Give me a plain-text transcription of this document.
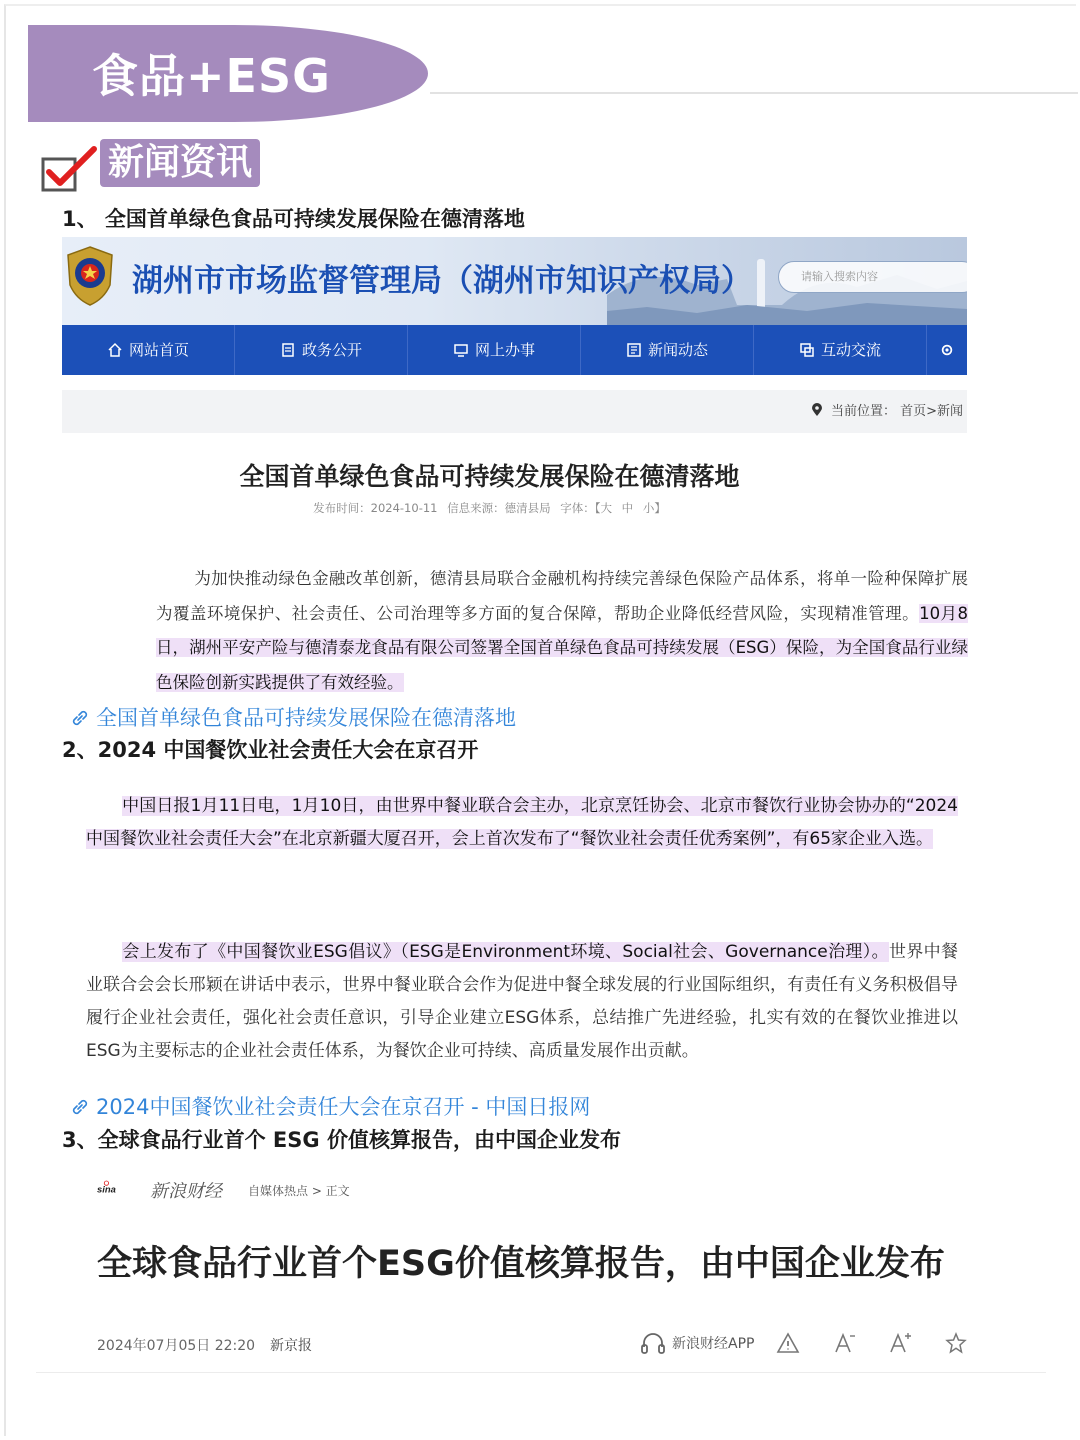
食品+ESG
新闻资讯
1、 全国首单绿色食品可持续发展保险在德清落地
湖州市市场监督管理局（湖州市知识产权局）	请输入搜索内容
网站首页	政务公开	网上办事	新闻动态	互动交流
当前位置： 首页>新闻
全国首单绿色食品可持续发展保险在德清落地
发布时间：2024-10-11 信息来源：德清县局 字体：【大 中 小】
为加快推动绿色金融改革创新，德清县局联合金融机构持续完善绿色保险产品体系，将单一险种保障扩展为覆盖环境保护、社会责任、公司治理等多方面的复合保障，帮助企业降低经营风险，实现精准管理。10月8日，湖州平安产险与德清泰龙食品有限公司签署全国首单绿色食品可持续发展（ESG）保险，为全国食品行业绿色保险创新实践提供了有效经验。
全国首单绿色食品可持续发展保险在德清落地
2、2024 中国餐饮业社会责任大会在京召开
中国日报1月11日电，1月10日，由世界中餐业联合会主办，北京烹饪协会、北京市餐饮行业协会协办的“2024中国餐饮业社会责任大会”在北京新疆大厦召开，会上首次发布了“餐饮业社会责任优秀案例”，有65家企业入选。
会上发布了《中国餐饮业ESG倡议》（ESG是Environment环境、Social社会、Governance治理）。世界中餐业联合会会长邢颖在讲话中表示，世界中餐业联合会作为促进中餐全球发展的行业国际组织，有责任有义务积极倡导履行企业社会责任，强化社会责任意识，引导企业建立ESG体系，总结推广先进经验，扎实有效的在餐饮业推进以ESG为主要标志的企业社会责任体系，为餐饮企业可持续、高质量发展作出贡献。
2024中国餐饮业社会责任大会在京召开 - 中国日报网
3、全球食品行业首个 ESG 价值核算报告，由中国企业发布
sina 新浪财经 自媒体热点 > 正文
全球食品行业首个ESG价值核算报告，由中国企业发布
2024年07月05日 22:20 新京报	新浪财经APP
